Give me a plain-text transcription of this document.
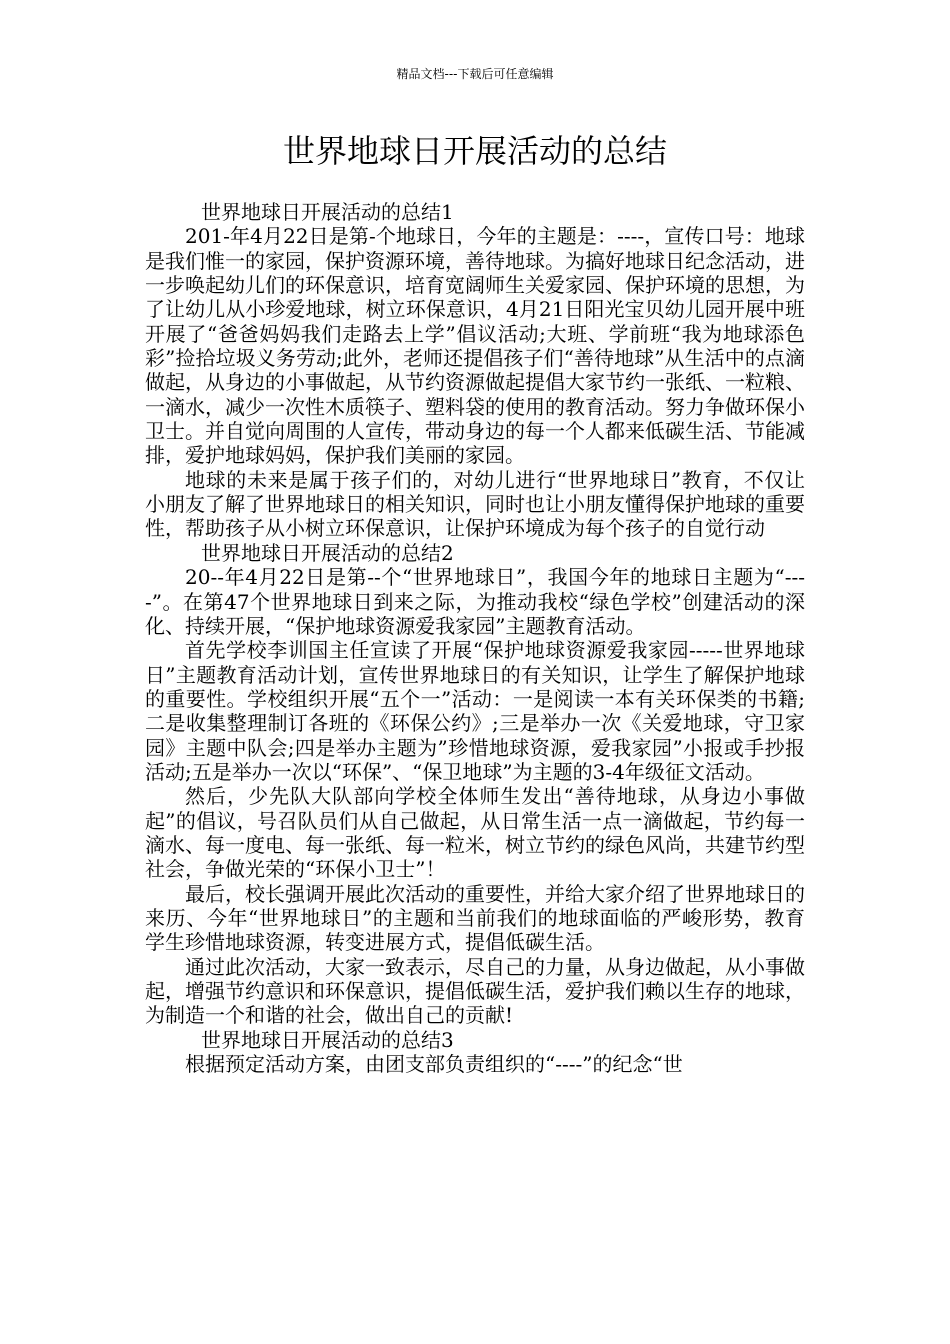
精品文档---下载后可任意编辑
世界地球日开展活动的总结

世界地球日开展活动的总结1

201-年4月22日是第-个地球日，今年的主题是：----，宣传口号：地球是我们惟一的家园，保护资源环境，善待地球。为搞好地球日纪念活动，进一步唤起幼儿们的环保意识，培育宽阔师生关爱家园、保护环境的思想，为了让幼儿从小珍爱地球，树立环保意识，4月21日阳光宝贝幼儿园开展中班开展了“爸爸妈妈我们走路去上学”倡议活动;大班、学前班“我为地球添色彩”捡拾垃圾义务劳动;此外，老师还提倡孩子们“善待地球”从生活中的点滴做起，从身边的小事做起，从节约资源做起提倡大家节约一张纸、一粒粮、一滴水，减少一次性木质筷子、塑料袋的使用的教育活动。努力争做环保小卫士。并自觉向周围的人宣传，带动身边的每一个人都来低碳生活、节能减排，爱护地球妈妈，保护我们美丽的家园。

地球的未来是属于孩子们的，对幼儿进行“世界地球日”教育，不仅让小朋友了解了世界地球日的相关知识，同时也让小朋友懂得保护地球的重要性，帮助孩子从小树立环保意识，让保护环境成为每个孩子的自觉行动

世界地球日开展活动的总结2

20--年4月22日是第--个“世界地球日”，我国今年的地球日主题为“----”。在第47个世界地球日到来之际，为推动我校“绿色学校”创建活动的深化、持续开展，“保护地球资源爱我家园”主题教育活动。

首先学校李训国主任宣读了开展“保护地球资源爱我家园-----世界地球日”主题教育活动计划，宣传世界地球日的有关知识，让学生了解保护地球的重要性。学校组织开展“五个一”活动：一是阅读一本有关环保类的书籍;二是收集整理制订各班的《环保公约》;三是举办一次《关爱地球，守卫家园》主题中队会;四是举办主题为”珍惜地球资源，爱我家园”小报或手抄报活动;五是举办一次以“环保”、“保卫地球”为主题的3-4年级征文活动。

然后，少先队大队部向学校全体师生发出“善待地球，从身边小事做起”的倡议，号召队员们从自己做起，从日常生活一点一滴做起，节约每一滴水、每一度电、每一张纸、每一粒米，树立节约的绿色风尚，共建节约型社会，争做光荣的“环保小卫士”！

最后，校长强调开展此次活动的重要性，并给大家介绍了世界地球日的来历、今年“世界地球日”的主题和当前我们的地球面临的严峻形势，教育学生珍惜地球资源，转变进展方式，提倡低碳生活。

通过此次活动，大家一致表示，尽自己的力量，从身边做起，从小事做起，增强节约意识和环保意识，提倡低碳生活，爱护我们赖以生存的地球，为制造一个和谐的社会，做出自己的贡献!

世界地球日开展活动的总结3

根据预定活动方案，由团支部负责组织的“----”的纪念“世
